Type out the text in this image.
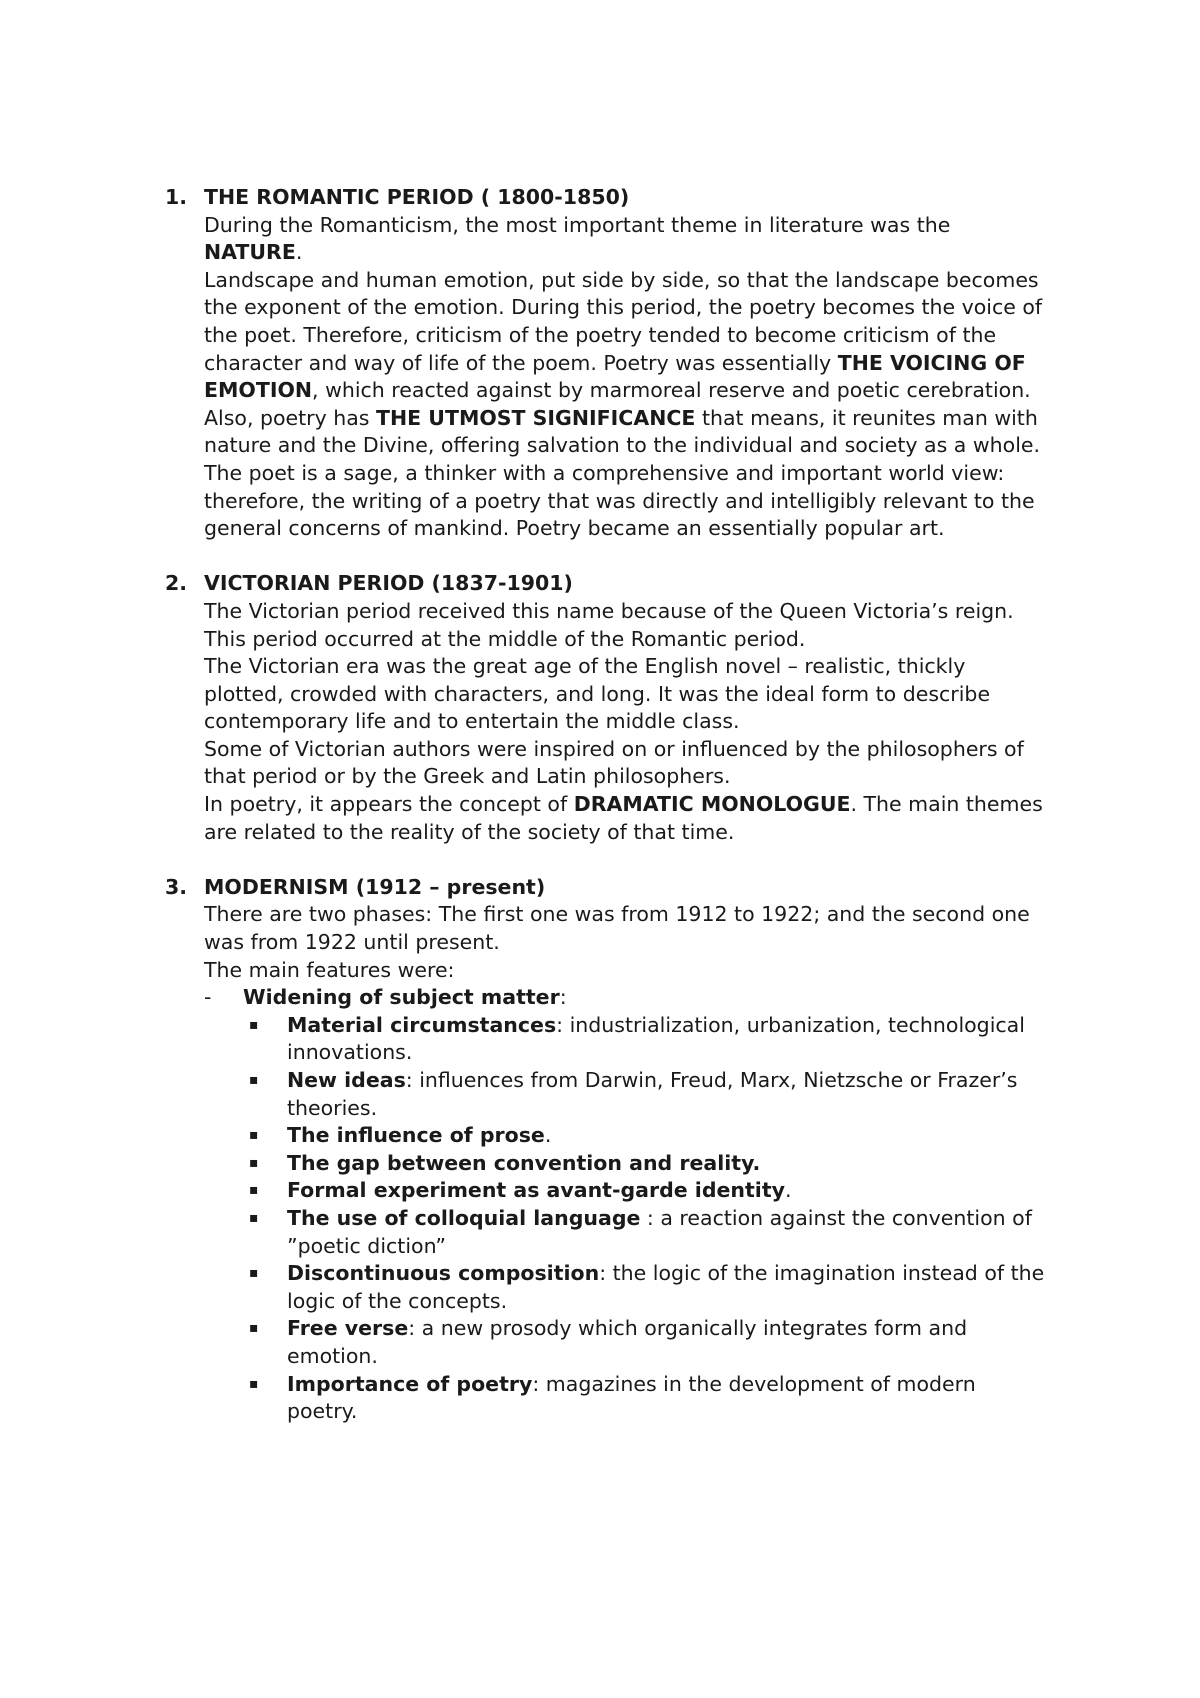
1. THE ROMANTIC PERIOD ( 1800-1850)

During the Romanticism, the most important theme in literature was the NATURE.

Landscape and human emotion, put side by side, so that the landscape becomes the exponent of the emotion. During this period, the poetry becomes the voice of the poet. Therefore, criticism of the poetry tended to become criticism of the character and way of life of the poem. Poetry was essentially THE VOICING OF EMOTION, which reacted against by marmoreal reserve and poetic cerebration. Also, poetry has THE UTMOST SIGNIFICANCE that means, it reunites man with nature and the Divine, offering salvation to the individual and society as a whole.

The poet is a sage, a thinker with a comprehensive and important world view: therefore, the writing of a poetry that was directly and intelligibly relevant to the general concerns of mankind. Poetry became an essentially popular art.

2. VICTORIAN PERIOD (1837-1901)

The Victorian period received this name because of the Queen Victoria’s reign. This period occurred at the middle of the Romantic period.

The Victorian era was the great age of the English novel – realistic, thickly plotted, crowded with characters, and long. It was the ideal form to describe contemporary life and to entertain the middle class.

Some of Victorian authors were inspired on or influenced by the philosophers of that period or by the Greek and Latin philosophers.

In poetry, it appears the concept of DRAMATIC MONOLOGUE. The main themes are related to the reality of the society of that time.

3. MODERNISM (1912 – present)

There are two phases: The first one was from 1912 to 1922; and the second one was from 1922 until present.

The main features were:

- Widening of subject matter:
▪ Material circumstances: industrialization, urbanization, technological innovations.
▪ New ideas: influences from Darwin, Freud, Marx, Nietzsche or Frazer’s theories.
▪ The influence of prose.
▪ The gap between convention and reality.
▪ Formal experiment as avant-garde identity.
▪ The use of colloquial language : a reaction against the convention of ”poetic diction”
▪ Discontinuous composition: the logic of the imagination instead of the logic of the concepts.
▪ Free verse: a new prosody which organically integrates form and emotion.
▪ Importance of poetry: magazines in the development of modern poetry.
